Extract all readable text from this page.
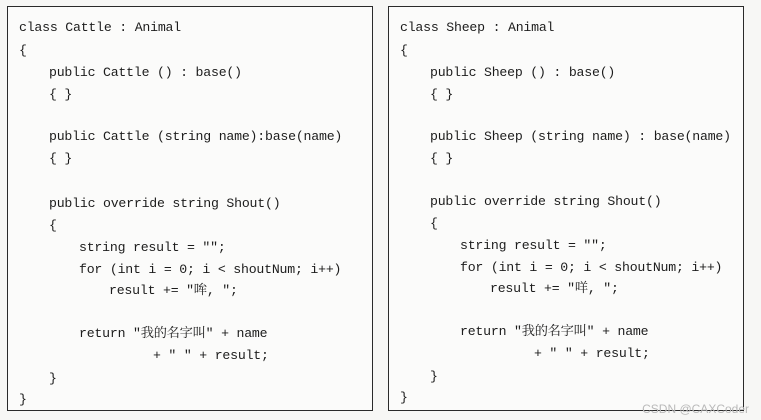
class Cattle : Animal
{
public Cattle () : base()
{ }
public Cattle (string name):base(name)
{ }
public override string Shout()
{
string result = "";
for (int i = 0; i < shoutNum; i++)
result += "哞, ";
return "我的名字叫" + name
+ " " + result;
}
}
class Sheep : Animal
{
public Sheep () : base()
{ }
public Sheep (string name) : base(name)
{ }
public override string Shout()
{
string result = "";
for (int i = 0; i < shoutNum; i++)
result += "咩, ";
return "我的名字叫" + name
+ " " + result;
}
}
CSDN @CAXCoder
